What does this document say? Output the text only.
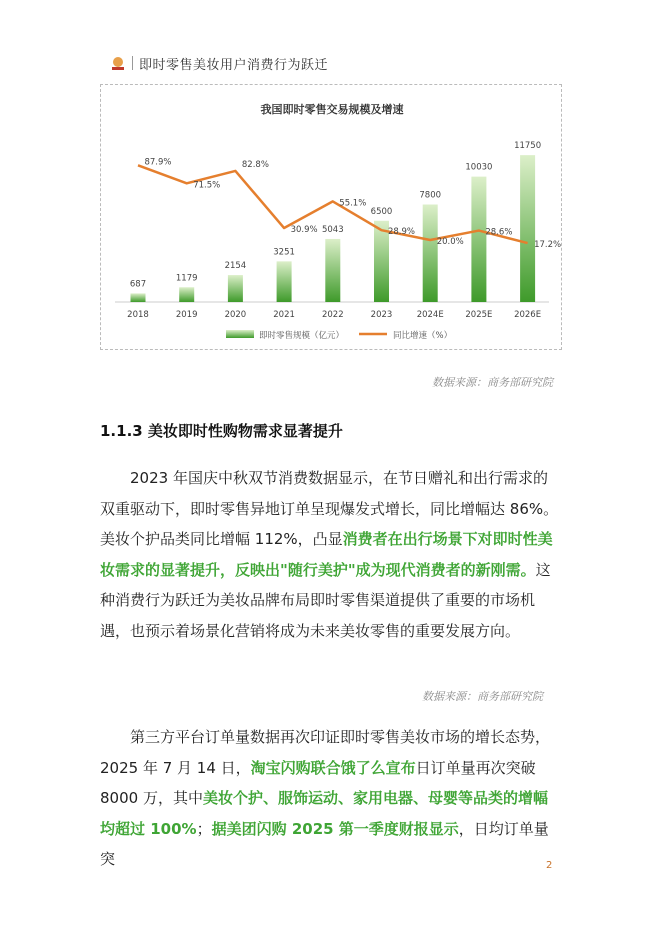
即时零售美妆用户消费行为跃迁
我国即时零售交易规模及增速
687
2018
1179
2019
2154
2020
3251
2021
5043
2022
6500
2023
7800
2024E
10030
2025E
11750
2026E
87.9%
71.5%
82.8%
30.9%
55.1%
28.9%
20.0%
28.6%
17.2%
即时零售规模（亿元）	同比增速（%）
数据来源：商务部研究院
1.1.3 美妆即时性购物需求显著提升

2023 年国庆中秋双节消费数据显示，在节日赠礼和出行需求的双重驱动下，即时零售异地订单呈现爆发式增长，同比增幅达 86%。美妆个护品类同比增幅 112%，凸显消费者在出行场景下对即时性美妆需求的显著提升，反映出"随行美护"成为现代消费者的新刚需。这种消费行为跃迁为美妆品牌布局即时零售渠道提供了重要的市场机遇，也预示着场景化营销将成为未来美妆零售的重要发展方向。

数据来源：商务部研究院

第三方平台订单量数据再次印证即时零售美妆市场的增长态势，2025 年 7 月 14 日，淘宝闪购联合饿了么宣布日订单量再次突破 8000 万，其中美妆个护、服饰运动、家用电器、母婴等品类的增幅均超过 100%；据美团闪购 2025 第一季度财报显示，日均订单量突	2
